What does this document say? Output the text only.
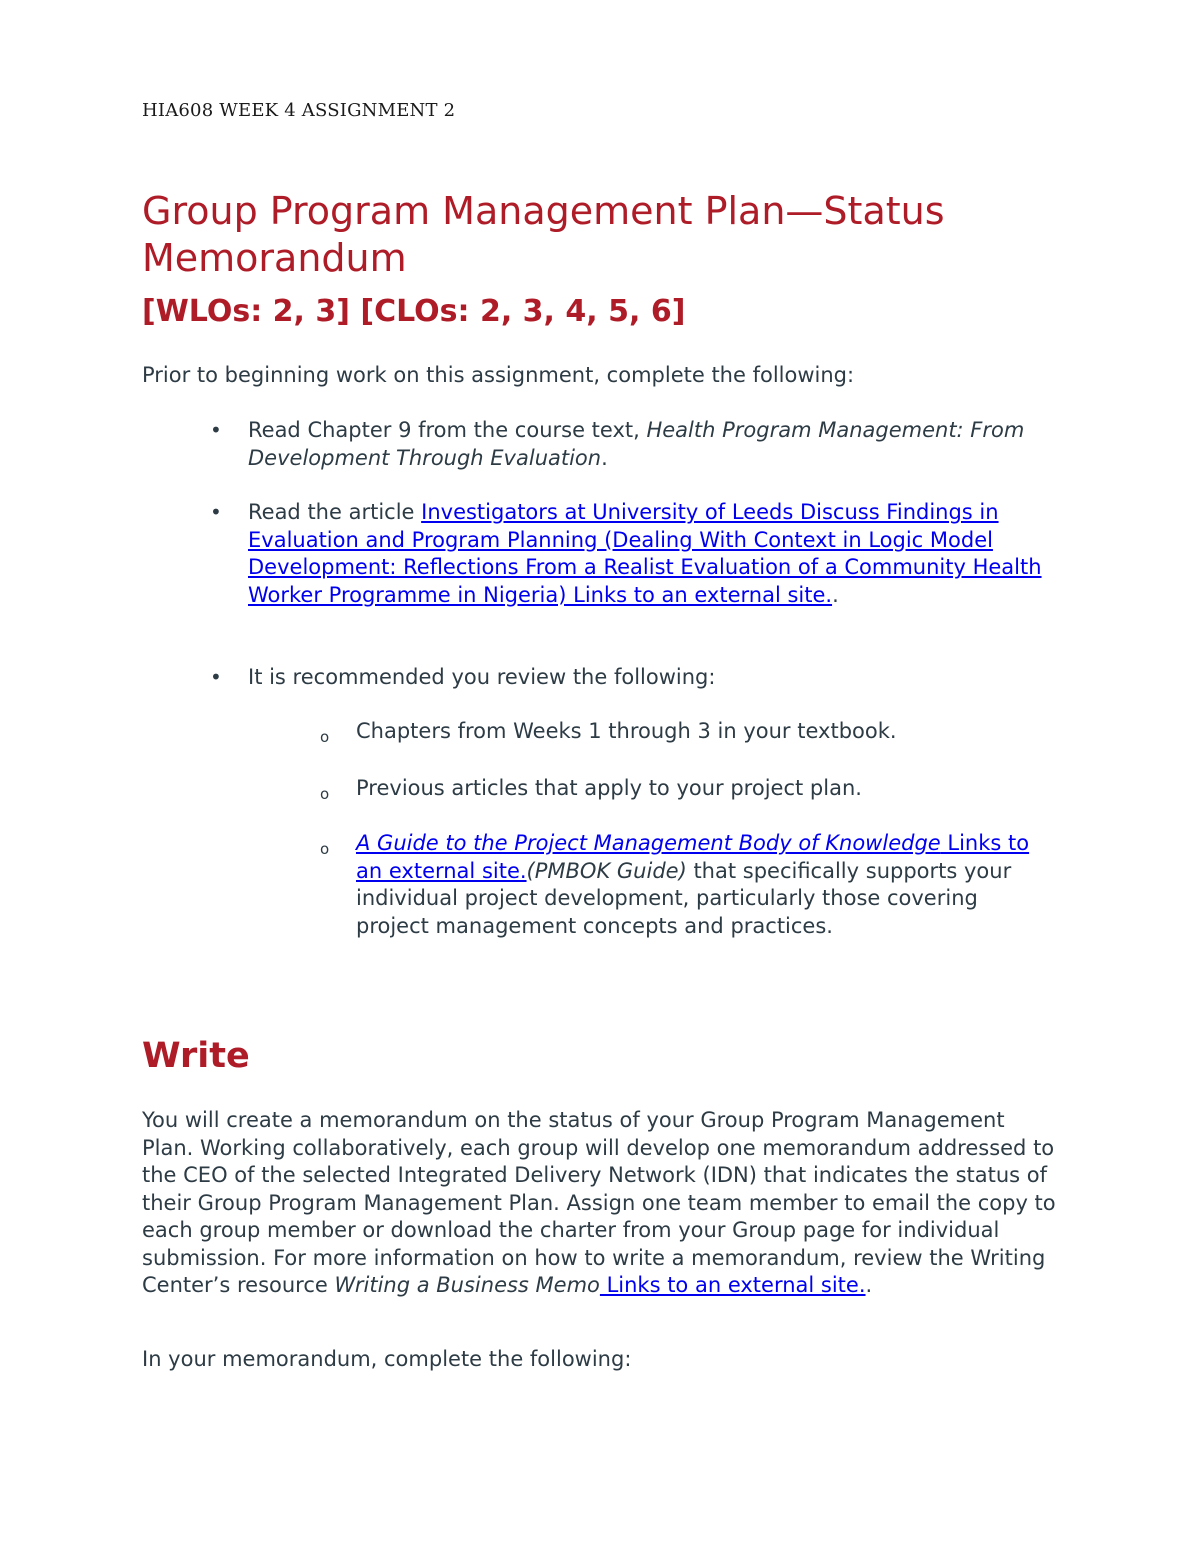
HIA608 WEEK 4 ASSIGNMENT 2
Group Program Management Plan—Status Memorandum
[WLOs: 2, 3] [CLOs: 2, 3, 4, 5, 6]
Prior to beginning work on this assignment, complete the following:
• Read Chapter 9 from the course text, Health Program Management: From Development Through Evaluation.
• Read the article Investigators at University of Leeds Discuss Findings in Evaluation and Program Planning (Dealing With Context in Logic Model Development: Reflections From a Realist Evaluation of a Community Health Worker Programme in Nigeria) Links to an external site..
• It is recommended you review the following:
o Chapters from Weeks 1 through 3 in your textbook.
o Previous articles that apply to your project plan.
o A Guide to the Project Management Body of Knowledge Links to an external site.(PMBOK Guide) that specifically supports your individual project development, particularly those covering project management concepts and practices.
Write
You will create a memorandum on the status of your Group Program Management Plan. Working collaboratively, each group will develop one memorandum addressed to the CEO of the selected Integrated Delivery Network (IDN) that indicates the status of their Group Program Management Plan. Assign one team member to email the copy to each group member or download the charter from your Group page for individual submission. For more information on how to write a memorandum, review the Writing Center’s resource Writing a Business Memo Links to an external site..
In your memorandum, complete the following:
